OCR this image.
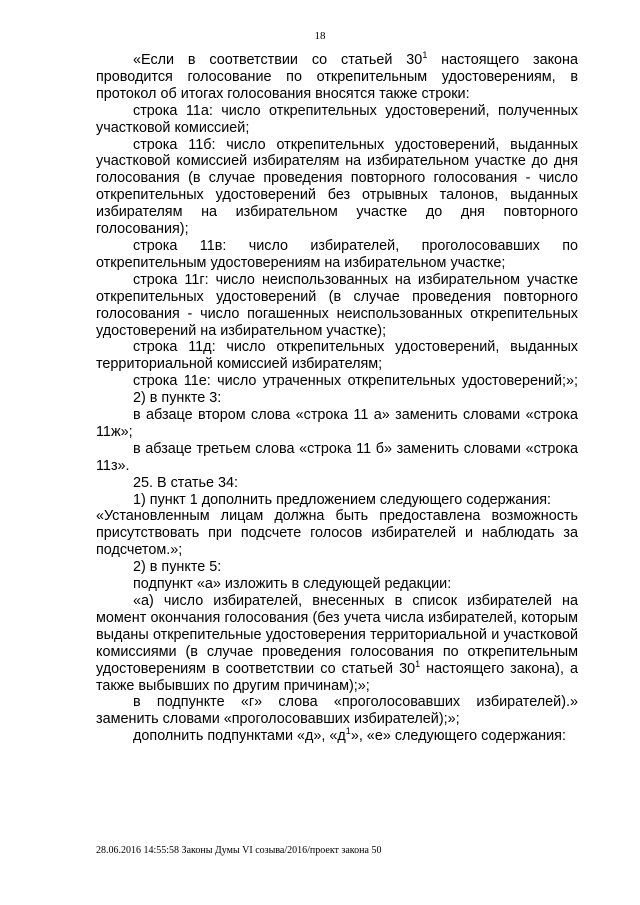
18

«Если в соответствии со статьей $30^1$ настоящего закона проводится голосование по открепительным удостоверениям, в протокол об итогах голосования вносятся также строки:

строка 11а: число открепительных удостоверений, полученных участковой комиссией;

строка 11б: число открепительных удостоверений, выданных участковой комиссией избирателям на избирательном участке до дня голосования (в случае проведения повторного голосования - число открепительных удостоверений без отрывных талонов, выданных избирателям на избирательном участке до дня повторного голосования);

строка 11в: число избирателей, проголосовавших по открепительным удостоверениям на избирательном участке;

строка 11г: число неиспользованных на избирательном участке открепительных удостоверений (в случае проведения повторного голосования - число погашенных неиспользованных открепительных удостоверений на избирательном участке);

строка 11д: число открепительных удостоверений, выданных территориальной комиссией избирателям;

строка 11е: число утраченных открепительных удостоверений;»;

2) в пункте 3:

в абзаце втором слова «строка 11 а» заменить словами «строка 11ж»;

в абзаце третьем слова «строка 11 б» заменить словами «строка 11з».

25. В статье 34:

1) пункт 1 дополнить предложением следующего содержания:

«Установленным лицам должна быть предоставлена возможность присутствовать при подсчете голосов избирателей и наблюдать за подсчетом.»;

2) в пункте 5:

подпункт «а» изложить в следующей редакции:

«а) число избирателей, внесенных в список избирателей на момент окончания голосования (без учета числа избирателей, которым выданы открепительные удостоверения территориальной и участковой комиссиями (в случае проведения голосования по открепительным удостоверениям в соответствии со статьей $30^1$ настоящего закона), а также выбывших по другим причинам);»;

в подпункте «г» слова «проголосовавших избирателей).» заменить словами «проголосовавших избирателей);»;

дополнить подпунктами «д», «$д^1$», «е» следующего содержания:

28.06.2016 14:55:58 Законы Думы VI созыва/2016/проект закона 50
